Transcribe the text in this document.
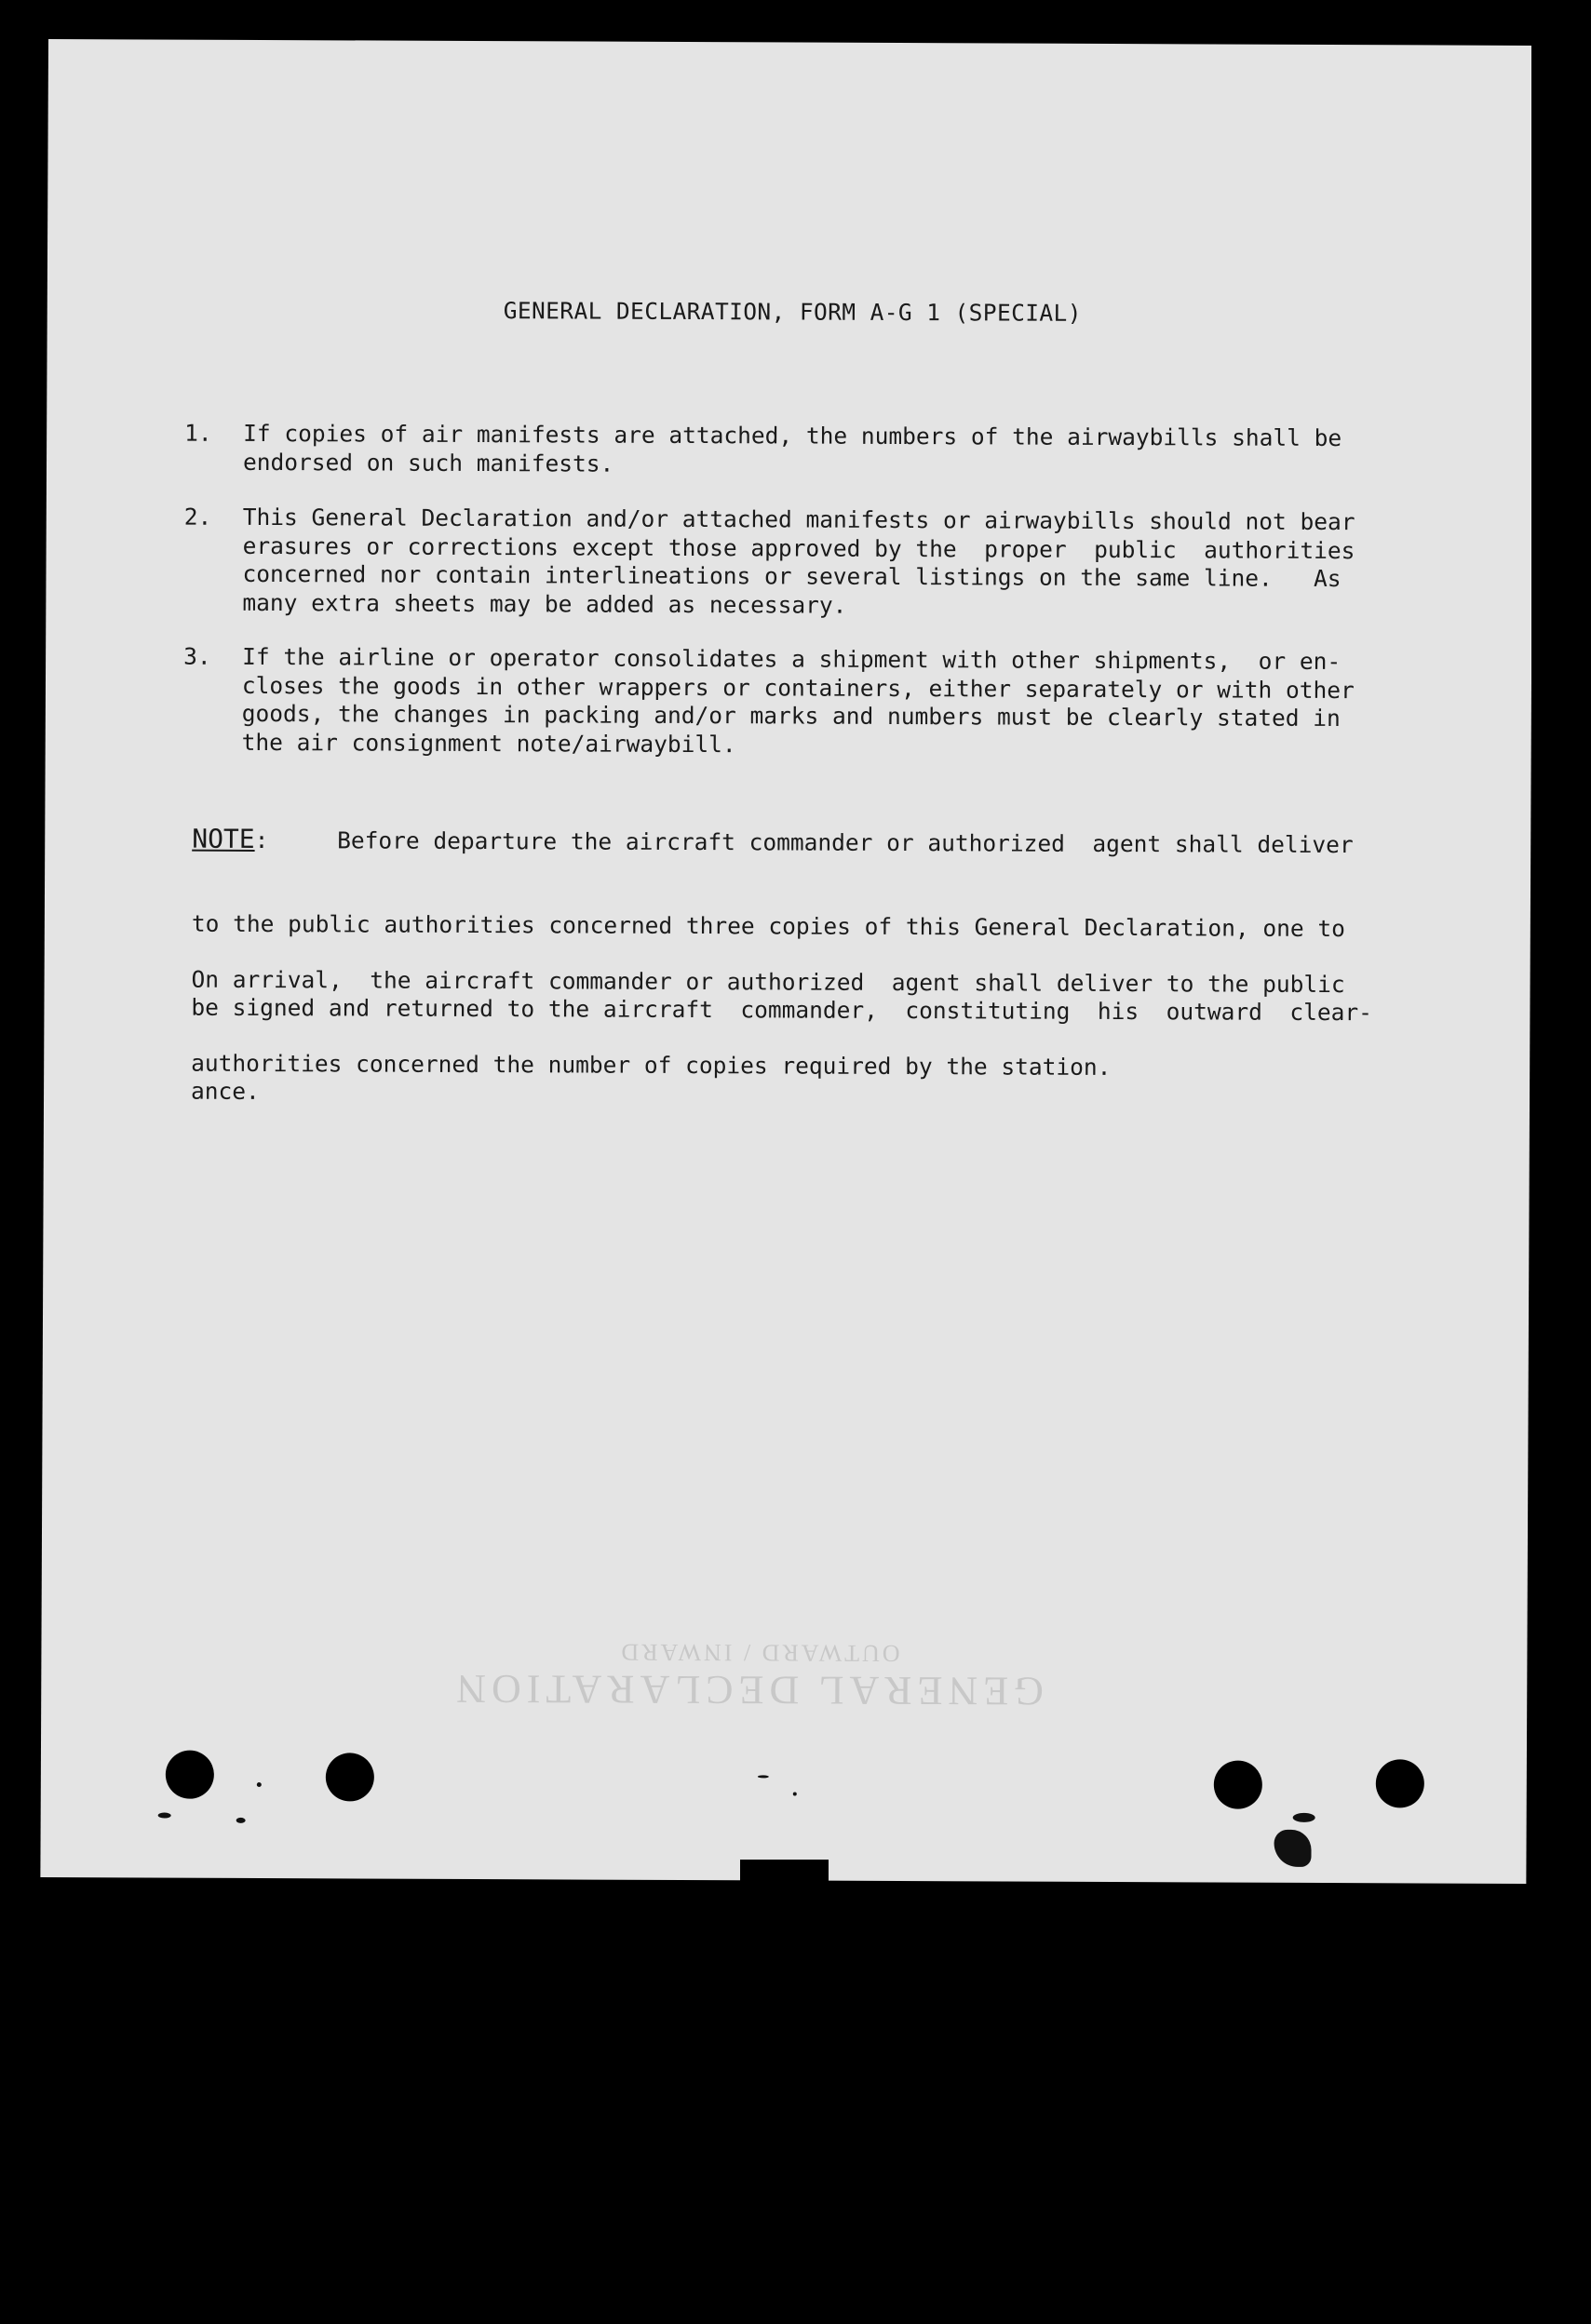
GENERAL DECLARATION, FORM A-G 1 (SPECIAL)
1. If copies of air manifests are attached, the numbers of the airwaybills shall be
endorsed on such manifests.
2. This General Declaration and/or attached manifests or airwaybills should not bear
erasures or corrections except those approved by the  proper  public  authorities
concerned nor contain interlineations or several listings on the same line.   As
many extra sheets may be added as necessary.
3. If the airline or operator consolidates a shipment with other shipments,  or en-
closes the goods in other wrappers or containers, either separately or with other
goods, the changes in packing and/or marks and numbers must be clearly stated in
the air consignment note/airwaybill.

NOTE:     Before departure the aircraft commander or authorized  agent shall deliver

to the public authorities concerned three copies of this General Declaration, one to

be signed and returned to the aircraft  commander,  constituting  his  outward  clear-

ance.

On arrival,  the aircraft commander or authorized  agent shall deliver to the public

authorities concerned the number of copies required by the station.

GENERAL DECLARATION
OUTWARD / INWARD
